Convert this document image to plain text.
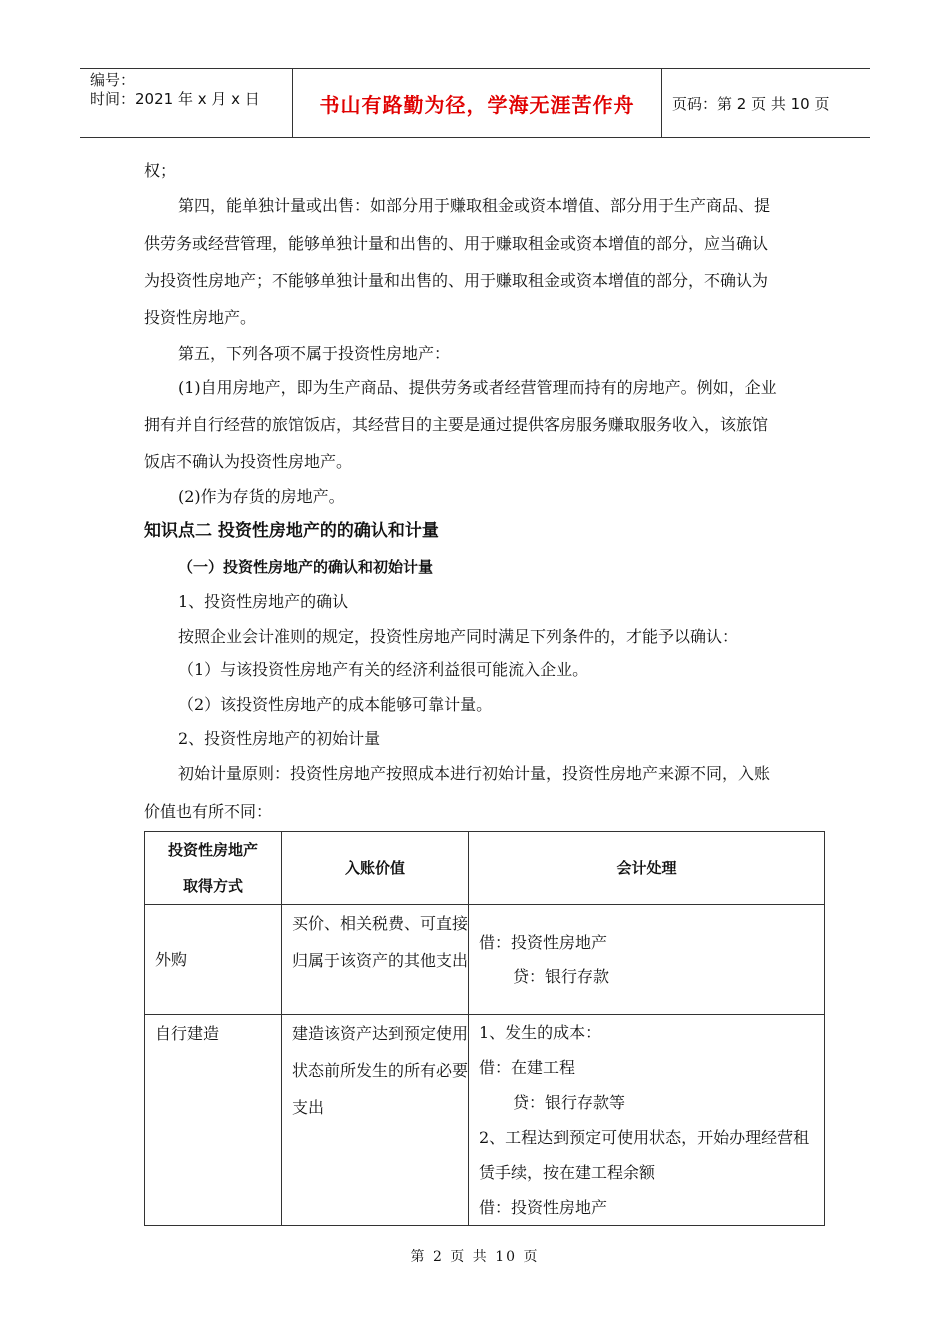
编号：
时间：2021 年 x 月 x 日	书山有路勤为径，学海无涯苦作舟	页码：第 2 页 共 10 页
权；
第四，能单独计量或出售：如部分用于赚取租金或资本增值、部分用于生产商品、提
供劳务或经营管理，能够单独计量和出售的、用于赚取租金或资本增值的部分，应当确认
为投资性房地产；不能够单独计量和出售的、用于赚取租金或资本增值的部分，不确认为
投资性房地产。
第五，下列各项不属于投资性房地产：
(1)自用房地产，即为生产商品、提供劳务或者经营管理而持有的房地产。例如，企业
拥有并自行经营的旅馆饭店，其经营目的主要是通过提供客房服务赚取服务收入，该旅馆
饭店不确认为投资性房地产。
(2)作为存货的房地产。
知识点二 投资性房地产的的确认和计量
（一）投资性房地产的确认和初始计量
1、投资性房地产的确认
按照企业会计准则的规定，投资性房地产同时满足下列条件的，才能予以确认：
（1）与该投资性房地产有关的经济利益很可能流入企业。
（2）该投资性房地产的成本能够可靠计量。
2、投资性房地产的初始计量
初始计量原则：投资性房地产按照成本进行初始计量，投资性房地产来源不同，入账
价值也有所不同：
投资性房地产取得方式	入账价值	会计处理
外购	买价、相关税费、可直接归属于该资产的其他支出	借：投资性房地产
贷：银行存款

自行建造	建造该资产达到预定使用状态前所发生的所有必要支出	1、发生的成本：
借：在建工程
贷：银行存款等
2、工程达到预定可使用状态，开始办理经营租赁手续，按在建工程余额
借：投资性房地产
第 2 页 共 10 页
